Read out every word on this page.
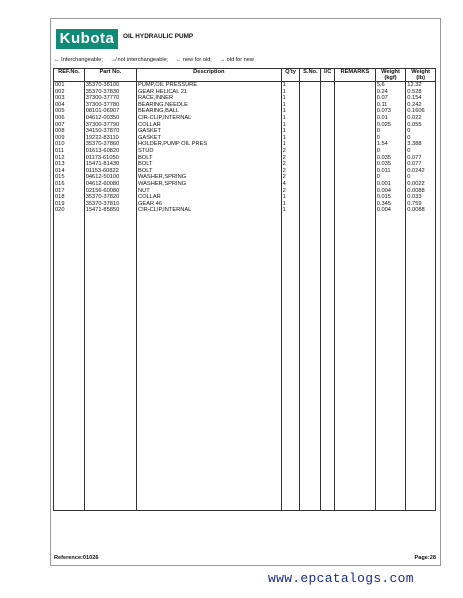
Kubota	OIL HYDRAULIC PUMP
↔ Interchangeable; ↛ not interchangeable; ← new for old; → old for new
REF.No.	Part No.	Description	Q'ty	S.No.	I/C	REMARKS	Weight (kgf)	Weight (lb)
001	35370-38100	PUMP,OIL PRESSURE	1				5.6	12.32
002	35370-37830	GEAR HELICAL 21	1				0.24	0.528
003	37300-37770	RACE,INNER	1				0.07	0.154
004	37300-37780	BEARING,NEEDLE	1				0.11	0.242
005	08101-06907	BEARING,BALL	1				0.073	0.1606
006	04612-00350	CIR-CLIP,INTERNAL	1				0.01	0.022
007	37300-37790	COLLAR	1				0.025	0.055
008	34150-37870	GASKET	1				0	0
009	19222-83110	GASKET	1				0	0
010	35370-37860	HOLDER,PUMP OIL PRES	1				1.54	3.388
011	01613-60820	STUD	2				0	0
012	01173-61050	BOLT	2				0.035	0.077
013	15471-81430	BOLT	2				0.035	0.077
014	01153-60822	BOLT	2				0.011	0.0242
015	04612-50100	WASHER,SPRING	2				0	0
016	04612-60080	WASHER,SPRING	4				0.001	0.0022
017	02156-60080	NUT	2				0.004	0.0088
018	35370-37820	COLLAR	1				0.015	0.033
019	35370-37810	GEAR 46	1				0.345	0.759
020	15471-85850	CIR-CLIP,INTERNAL	1				0.004	0.0088

Reference:01026	Page:28
www.epcatalogs.com
